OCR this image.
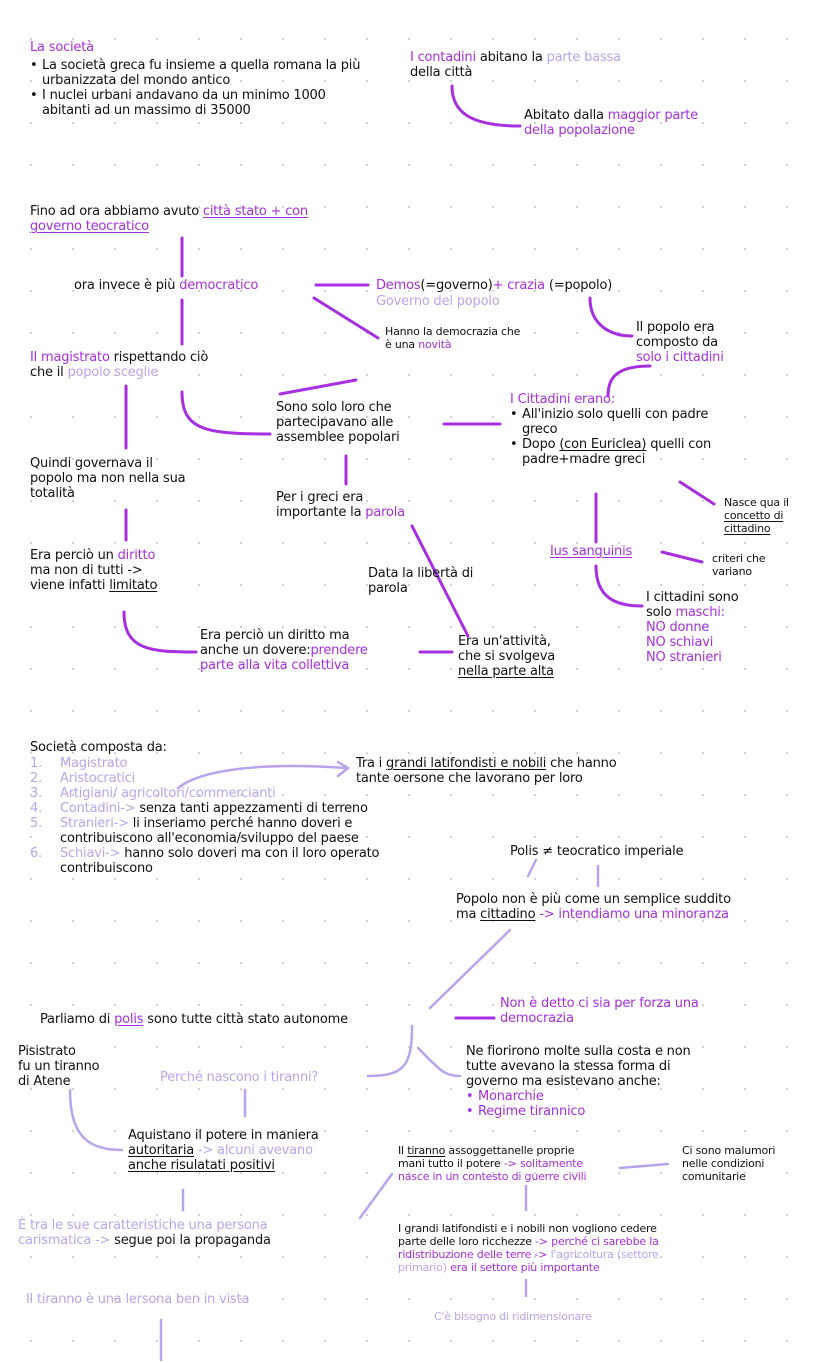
La società
• La società greca fu insieme a quella romana la più urbanizzata del mondo antico
• I nuclei urbani andavano da un minimo 1000 abitanti ad un massimo di 35000
I contadini abitano la parte bassa
della città
Abitato dalla maggior parte
della popolazione
Fino ad ora abbiamo avuto città stato + con
governo teocratico
ora invece è più democratico	Demos(=governo)+ crazia (=popolo)
Governo del popolo
Hanno la democrazia che
è una novità
Il popolo era
composto da
solo i cittadini
Il magistrato rispettando ciò
che il popolo sceglie
Sono solo loro che
partecipavano alle
assemblee popolari
I Cittadini erano:
• All'inizio solo quelli con padre
greco
• Dopo (con Euriclea) quelli con
padre+madre greci
Quindi governava il
popolo ma non nella sua
totalità	Per i greci era
importante la parola
Nasce qua il
concetto di
cittadino
Ius sanguinis	criteri che
variano
Era perciò un diritto
ma non di tutti ->
viene infatti limitato
Data la libertà di
parola
I cittadini sono
solo maschi:
NO donne
NO schiavi
NO stranieri
Era perciò un diritto ma
anche un dovere:prendere
parte alla vita collettiva
Era un'attività,
che si svolgeva
nella parte alta
Società composta da:
1. Magistrato
2. Aristocratici
3. Artigiani/ agricoltori/commercianti
4. Contadini-> senza tanti appezzamenti di terreno
5. Stranieri-> li inseriamo perché hanno doveri e contribuiscono all'economia/sviluppo del paese
6. Schiavi-> hanno solo doveri ma con il loro operato contribuiscono
Tra i grandi latifondisti e nobili che hanno
tante oersone che lavorano per loro
Polis ≠ teocratico imperiale
Popolo non è più come un semplice suddito
ma cittadino -> intendiamo una minoranza
Parliamo di polis sono tutte città stato autonome
Non è detto ci sia per forza una
democrazia
Pisistrato
fu un tiranno
di Atene	Perché nascono i tiranni?
Ne fiorirono molte sulla costa e non
tutte avevano la stessa forma di
governo ma esistevano anche:
• Monarchie
• Regime tirannico
Aquistano il potere in maniera
autoritaria -> alcuni avevano
anche risulatati positivi
Il tiranno assoggettanelle proprie
mani tutto il potere -> solitamente
nasce in un contesto di guerre civili
Ci sono malumori
nelle condizioni
comunitarie
È tra le sue caratteristiche una persona
carismatica -> segue poi la propaganda
I grandi latifondisti e i nobili non vogliono cedere
parte delle loro ricchezze -> perché ci sarebbe la
ridistribuzione delle terre -> l'agricoltura (settore
primario) era il settore più importante
Il tiranno è una lersona ben in vista
C'è bisogno di ridimensionare
